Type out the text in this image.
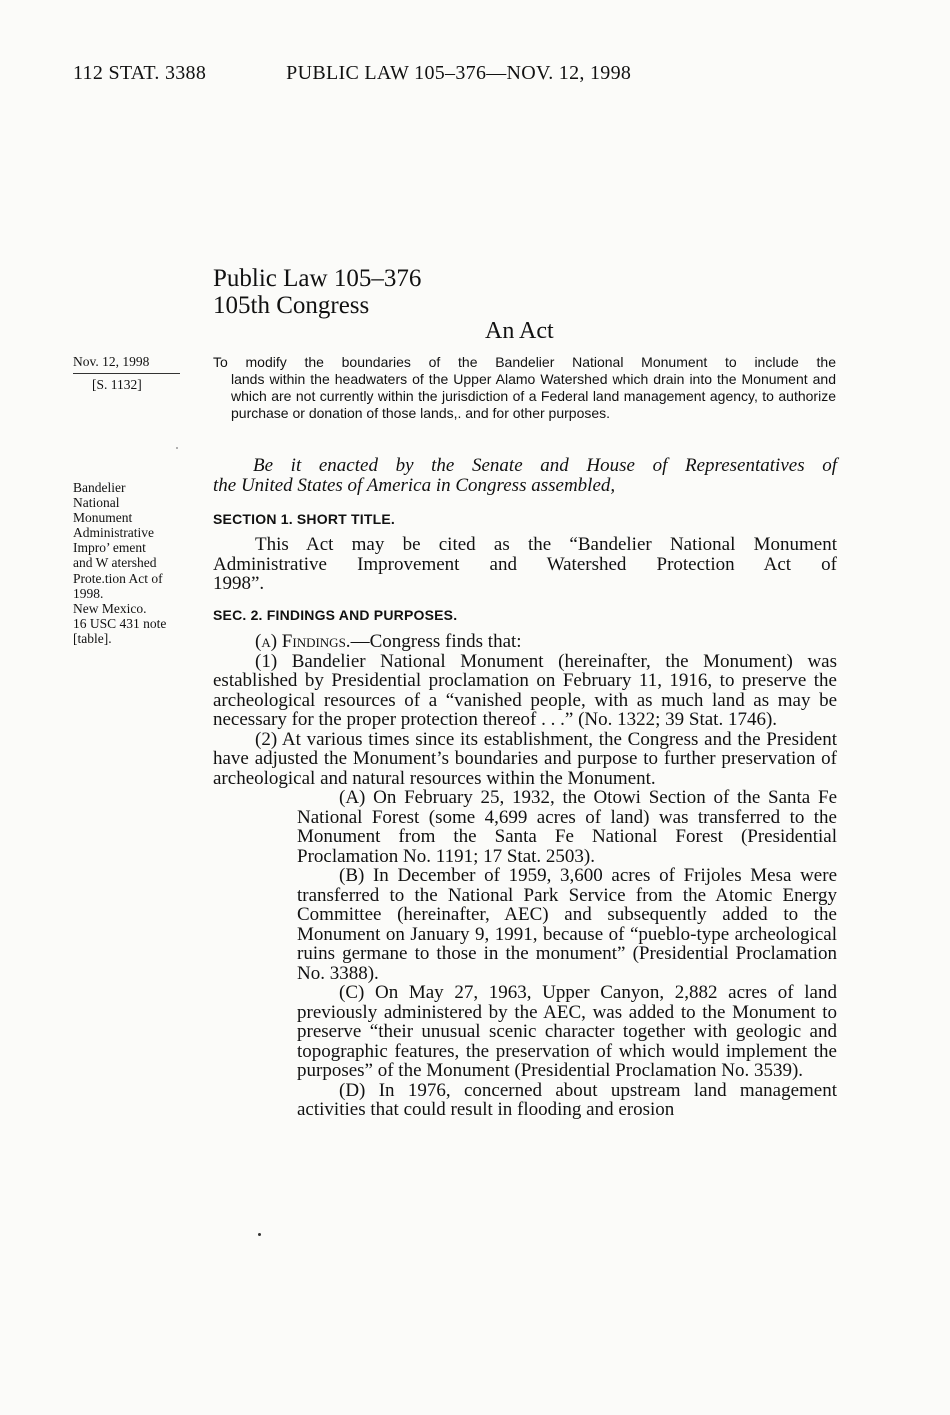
112 STAT. 3388	PUBLIC LAW 105–376—NOV. 12, 1998
Public Law 105–376
105th Congress
An Act
Nov. 12, 1998
[S. 1132]
Bandelier
National
Monument
Administrative
Impro’ ement
and W atershed
Prote.tion Act of
1998.
New Mexico.
16 USC 431 note
[table].
To modify the boundaries of the Bandelier National Monument to include the
lands within the headwaters of the Upper Alamo Watershed which drain into the Monument and which are not currently within the jurisdiction of a Federal land management agency, to authorize purchase or donation of those lands,. and for other purposes.
Be it enacted by the Senate and House of Representatives of
the United States of America in Congress assembled,
SECTION 1. SHORT TITLE.
This Act may be cited as the “Bandelier National Monument
Administrative Improvement and Watershed Protection Act of
1998”.
SEC. 2. FINDINGS AND PURPOSES.
(a) Findings.—Congress finds that:

(1) Bandelier National Monument (hereinafter, the Monument) was established by Presidential proclamation on February 11, 1916, to preserve the archeological resources of a “vanished people, with as much land as may be necessary for the proper protection thereof . . .” (No. 1322; 39 Stat. 1746).

(2) At various times since its establishment, the Congress and the President have adjusted the Monument’s boundaries and purpose to further preservation of archeological and natural resources within the Monument.

(A) On February 25, 1932, the Otowi Section of the Santa Fe National Forest (some 4,699 acres of land) was transferred to the Monument from the Santa Fe National Forest (Presidential Proclamation No. 1191; 17 Stat. 2503).

(B) In December of 1959, 3,600 acres of Frijoles Mesa were transferred to the National Park Service from the Atomic Energy Committee (hereinafter, AEC) and subsequently added to the Monument on January 9, 1991, because of “pueblo-type archeological ruins germane to those in the monument” (Presidential Proclamation No. 3388).

(C) On May 27, 1963, Upper Canyon, 2,882 acres of land previously administered by the AEC, was added to the Monument to preserve “their unusual scenic character together with geologic and topographic features, the preservation of which would implement the purposes” of the Monument (Presidential Proclamation No. 3539).

(D) In 1976, concerned about upstream land management activities that could result in flooding and erosion
